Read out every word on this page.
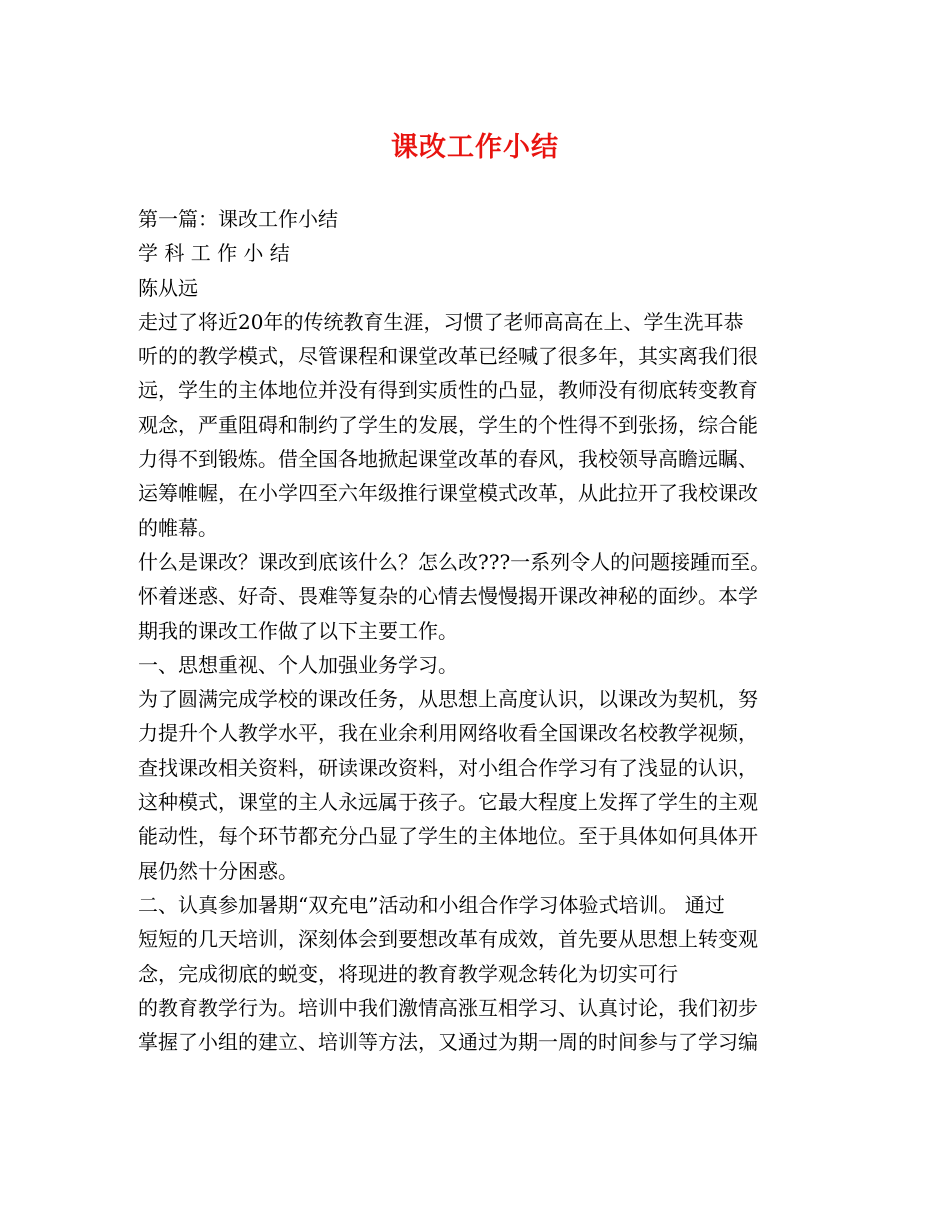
课改工作小结
第一篇：课改工作小结
学 科 工 作 小 结
陈从远
走过了将近20年的传统教育生涯，习惯了老师高高在上、学生洗耳恭
听的的教学模式，尽管课程和课堂改革已经喊了很多年，其实离我们很
远，学生的主体地位并没有得到实质性的凸显，教师没有彻底转变教育
观念，严重阻碍和制约了学生的发展，学生的个性得不到张扬，综合能
力得不到锻炼。借全国各地掀起课堂改革的春风，我校领导高瞻远瞩、
运筹帷幄，在小学四至六年级推行课堂模式改革，从此拉开了我校课改
的帷幕。
什么是课改？课改到底该什么？怎么改???一系列令人的问题接踵而至。
怀着迷惑、好奇、畏难等复杂的心情去慢慢揭开课改神秘的面纱。本学
期我的课改工作做了以下主要工作。
一、思想重视、个人加强业务学习。
为了圆满完成学校的课改任务，从思想上高度认识，以课改为契机，努
力提升个人教学水平，我在业余利用网络收看全国课改名校教学视频，
查找课改相关资料，研读课改资料，对小组合作学习有了浅显的认识，
这种模式，课堂的主人永远属于孩子。它最大程度上发挥了学生的主观
能动性，每个环节都充分凸显了学生的主体地位。至于具体如何具体开
展仍然十分困惑。
二、认真参加暑期“双充电”活动和小组合作学习体验式培训。 通过
短短的几天培训，深刻体会到要想改革有成效，首先要从思想上转变观
念，完成彻底的蜕变，将现进的教育教学观念转化为切实可行
的教育教学行为。培训中我们激情高涨互相学习、认真讨论，我们初步
掌握了小组的建立、培训等方法，又通过为期一周的时间参与了学习编
